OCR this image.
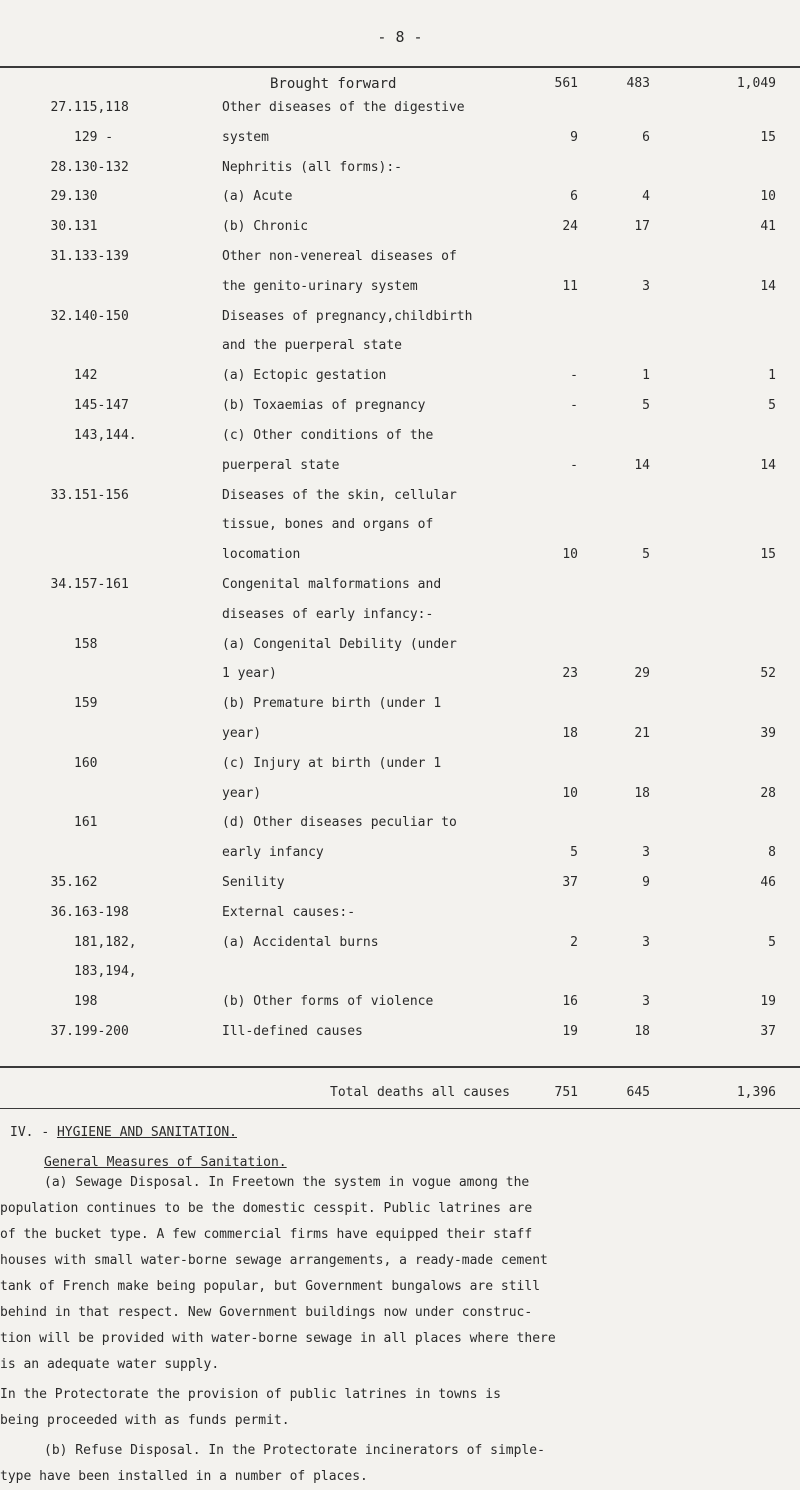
- 8 -
Brought forward	561	483	1,049
27. 115,118	Other diseases of the digestive
129 -	system	9	6	15
28. 130-132	Nephritis (all forms):-
29. 130	(a) Acute	6	4	10
30. 131	(b) Chronic	24	17	41
31. 133-139	Other non-venereal diseases of
the genito-urinary system	11	3	14
32. 140-150	Diseases of pregnancy,childbirth
and the puerperal state
142	(a) Ectopic gestation	-	1	1
145-147	(b) Toxaemias of pregnancy	-	5	5
143,144.	(c) Other conditions of the
puerperal state	-	14	14
33. 151-156	Diseases of the skin, cellular
tissue, bones and organs of
locomation	10	5	15
34. 157-161	Congenital malformations and
diseases of early infancy:-
158	(a) Congenital Debility (under
1 year)	23	29	52
159	(b) Premature birth (under 1
year)	18	21	39
160	(c) Injury at birth (under 1
year)	10	18	28
161	(d) Other diseases peculiar to
early infancy	5	3	8
35. 162	Senility	37	9	46
36. 163-198	External causes:-
181,182,	(a) Accidental burns	2	3	5
183,194,
198	(b) Other forms of violence	16	3	19
37. 199-200	Ill-defined causes	19	18	37
Total deaths all causes	751	645	1,396
IV. - HYGIENE AND SANITATION.
General Measures of Sanitation.
(a) Sewage Disposal. In Freetown the system in vogue among the
population continues to be the domestic cesspit. Public latrines are
of the bucket type. A few commercial firms have equipped their staff
houses with small water-borne sewage arrangements, a ready-made cement
tank of French make being popular, but Government bungalows are still
behind in that respect. New Government buildings now under construc-
tion will be provided with water-borne sewage in all places where there
is an adequate water supply.
In the Protectorate the provision of public latrines in towns is
being proceeded with as funds permit.
(b) Refuse Disposal. In the Protectorate incinerators of simple-
type have been installed in a number of places.
